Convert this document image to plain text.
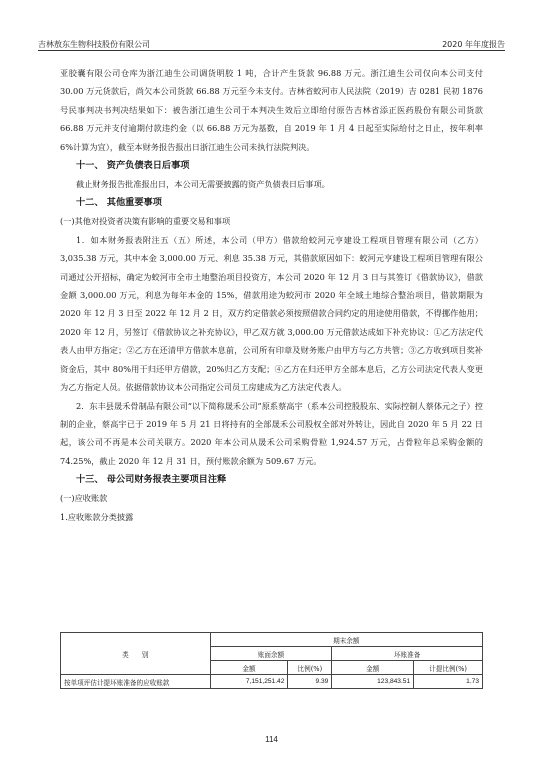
吉林敖东生物科技股份有限公司	2020 年年度报告

亚胶囊有限公司仓库为浙江迪生公司调货明胶 1 吨，合计产生货款 96.88 万元。浙江迪生公司仅向本公司支付 30.00 万元货款后，尚欠本公司货款 66.88 万元至今未支付。吉林省蛟河市人民法院（2019）吉 0281 民初 1876 号民事判决书判决结果如下：被告浙江迪生公司于本判决生效后立即给付原告吉林省添正医药股份有限公司货款 66.88 万元并支付逾期付款违约金（以 66.88 万元为基数，自 2019 年 1 月 4 日起至实际给付之日止，按年利率 6%计算为宜），截至本财务报告报出日浙江迪生公司未执行法院判决。

十一、 资产负债表日后事项

截止财务报告批准报出日，本公司无需要披露的资产负债表日后事项。

十二、 其他重要事项

(一)其他对投资者决策有影响的重要交易和事项

1．如本财务报表附注五（五）所述，本公司（甲方）借款给蛟河元亨建设工程项目管理有限公司（乙方）3,035.38 万元，其中本金 3,000.00 万元、利息 35.38 万元，其借款原因如下：蛟河元亨建设工程项目管理有限公司通过公开招标，确定为蛟河市全市土地整治项目投资方，本公司 2020 年 12 月 3 日与其签订《借款协议》，借款金额 3,000.00 万元，利息为每年本金的 15%，借款用途为蛟河市 2020 年全域土地综合整治项目，借款期限为 2020 年 12 月 3 日至 2022 年 12 月 2 日，双方约定借款必须按照借款合同约定的用途使用借款，不得挪作他用；2020 年 12 月，另签订《借款协议之补充协议》，甲乙双方就 3,000.00 万元借款达成如下补充协议：①乙方法定代表人由甲方指定；②乙方在还清甲方借款本息前，公司所有印章及财务账户由甲方与乙方共管；③乙方收到项目奖补资金后，其中 80%用于归还甲方借款，20%归乙方支配；④乙方在归还甲方全部本息后，乙方公司法定代表人变更为乙方指定人员。依据借款协议本公司指定公司员工房建成为乙方法定代表人。

2．东丰县晟禾骨制品有限公司“以下简称晟禾公司”原系蔡高宇（系本公司控股股东、实际控制人蔡体元之子）控制的企业，蔡高宇已于 2019 年 5 月 21 日将持有的全部晟禾公司股权全部对外转让，因此自 2020 年 5 月 22 日起，该公司不再是本公司关联方。2020 年本公司从晟禾公司采购骨粒 1,924.57 万元，占骨粒年总采购金额的 74.25%，截止 2020 年 12 月 31 日，预付账款余额为 509.67 万元。

十三、 母公司财务报表主要项目注释

(一)应收账款

1.应收账款分类披露

类　　别	期末余额			
	账面余额		坏账准备	
	金额	比例(%)	金额	计提比例(%)
按单项评估计提坏账准备的应收账款	7,151,251.42	9.39	123,843.51	1.73
114
